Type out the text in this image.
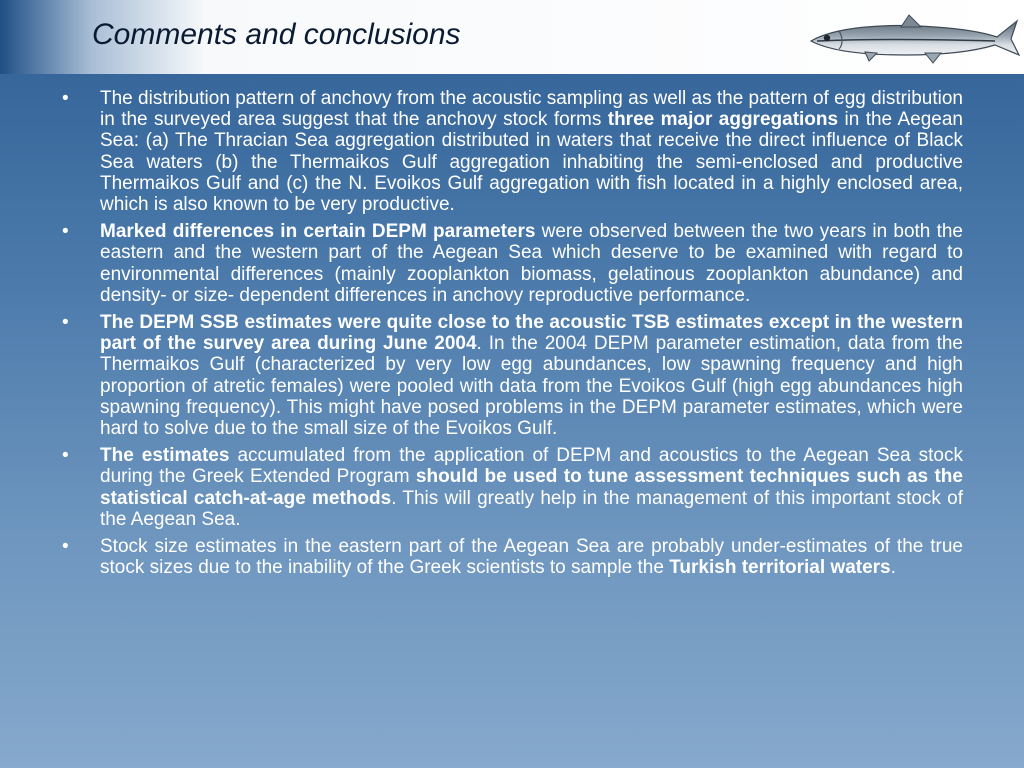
Comments and conclusions
•	The distribution pattern of anchovy from the acoustic sampling as well as the pattern of egg distribution in the surveyed area suggest that the anchovy stock forms three major aggregations in the Aegean Sea: (a) The Thracian Sea aggregation distributed in waters that receive the direct influence of Black Sea waters (b) the Thermaikos Gulf aggregation inhabiting the semi-enclosed and productive Thermaikos Gulf and (c) the N. Evoikos Gulf aggregation with fish located in a highly enclosed area, which is also known to be very productive.
•	Marked differences in certain DEPM parameters were observed between the two years in both the eastern and the western part of the Aegean Sea which deserve to be examined with regard to environmental differences (mainly zooplankton biomass, gelatinous zooplankton abundance) and density- or size- dependent differences in anchovy reproductive performance.
•	The DEPM SSB estimates were quite close to the acoustic TSB estimates except in the western part of the survey area during June 2004. In the 2004 DEPM parameter estimation, data from the Thermaikos Gulf (characterized by very low egg abundances, low spawning frequency and high proportion of atretic females) were pooled with data from the Evoikos Gulf (high egg abundances high spawning frequency). This might have posed problems in the DEPM parameter estimates, which were hard to solve due to the small size of the Evoikos Gulf.
•	The estimates accumulated from the application of DEPM and acoustics to the Aegean Sea stock during the Greek Extended Program should be used to tune assessment techniques such as the statistical catch-at-age methods. This will greatly help in the management of this important stock of the Aegean Sea.
•	Stock size estimates in the eastern part of the Aegean Sea are probably under-estimates of the true stock sizes due to the inability of the Greek scientists to sample the Turkish territorial waters.
